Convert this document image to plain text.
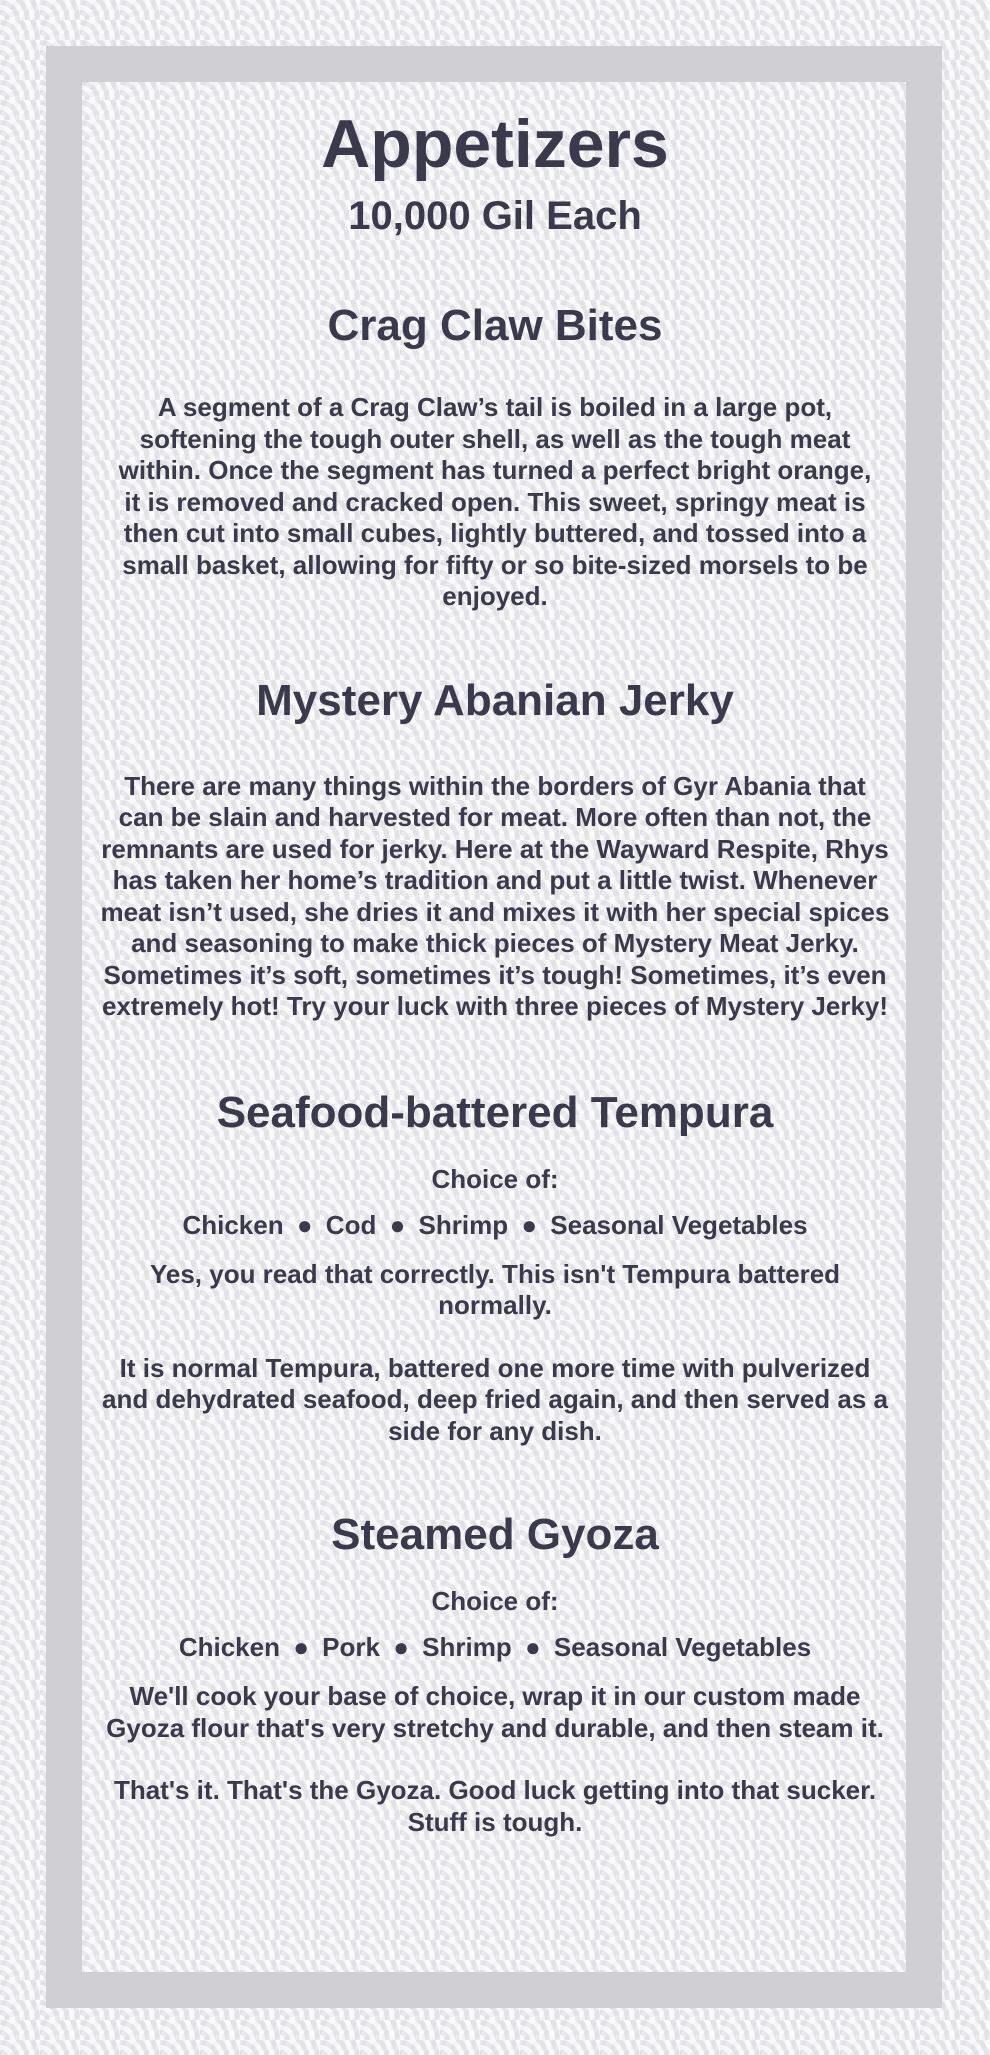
Appetizers
10,000 Gil Each
Crag Claw Bites

A segment of a Crag Claw’s tail is boiled in a large pot, softening the tough outer shell, as well as the tough meat within. Once the segment has turned a perfect bright orange, it is removed and cracked open. This sweet, springy meat is then cut into small cubes, lightly buttered, and tossed into a small basket, allowing for fifty or so bite-sized morsels to be enjoyed.

Mystery Abanian Jerky

There are many things within the borders of Gyr Abania that can be slain and harvested for meat. More often than not, the remnants are used for jerky. Here at the Wayward Respite, Rhys has taken her home’s tradition and put a little twist. Whenever meat isn’t used, she dries it and mixes it with her special spices and seasoning to make thick pieces of Mystery Meat Jerky. Sometimes it’s soft, sometimes it’s tough! Sometimes, it’s even extremely hot! Try your luck with three pieces of Mystery Jerky!

Seafood-battered Tempura
Choice of:
Chicken ● Cod ● Shrimp ● Seasonal Vegetables

Yes, you read that correctly. This isn't Tempura battered normally.

It is normal Tempura, battered one more time with pulverized and dehydrated seafood, deep fried again, and then served as a side for any dish.

Steamed Gyoza
Choice of:
Chicken ● Pork ● Shrimp ● Seasonal Vegetables

We'll cook your base of choice, wrap it in our custom made Gyoza flour that's very stretchy and durable, and then steam it.

That's it. That's the Gyoza. Good luck getting into that sucker. Stuff is tough.
